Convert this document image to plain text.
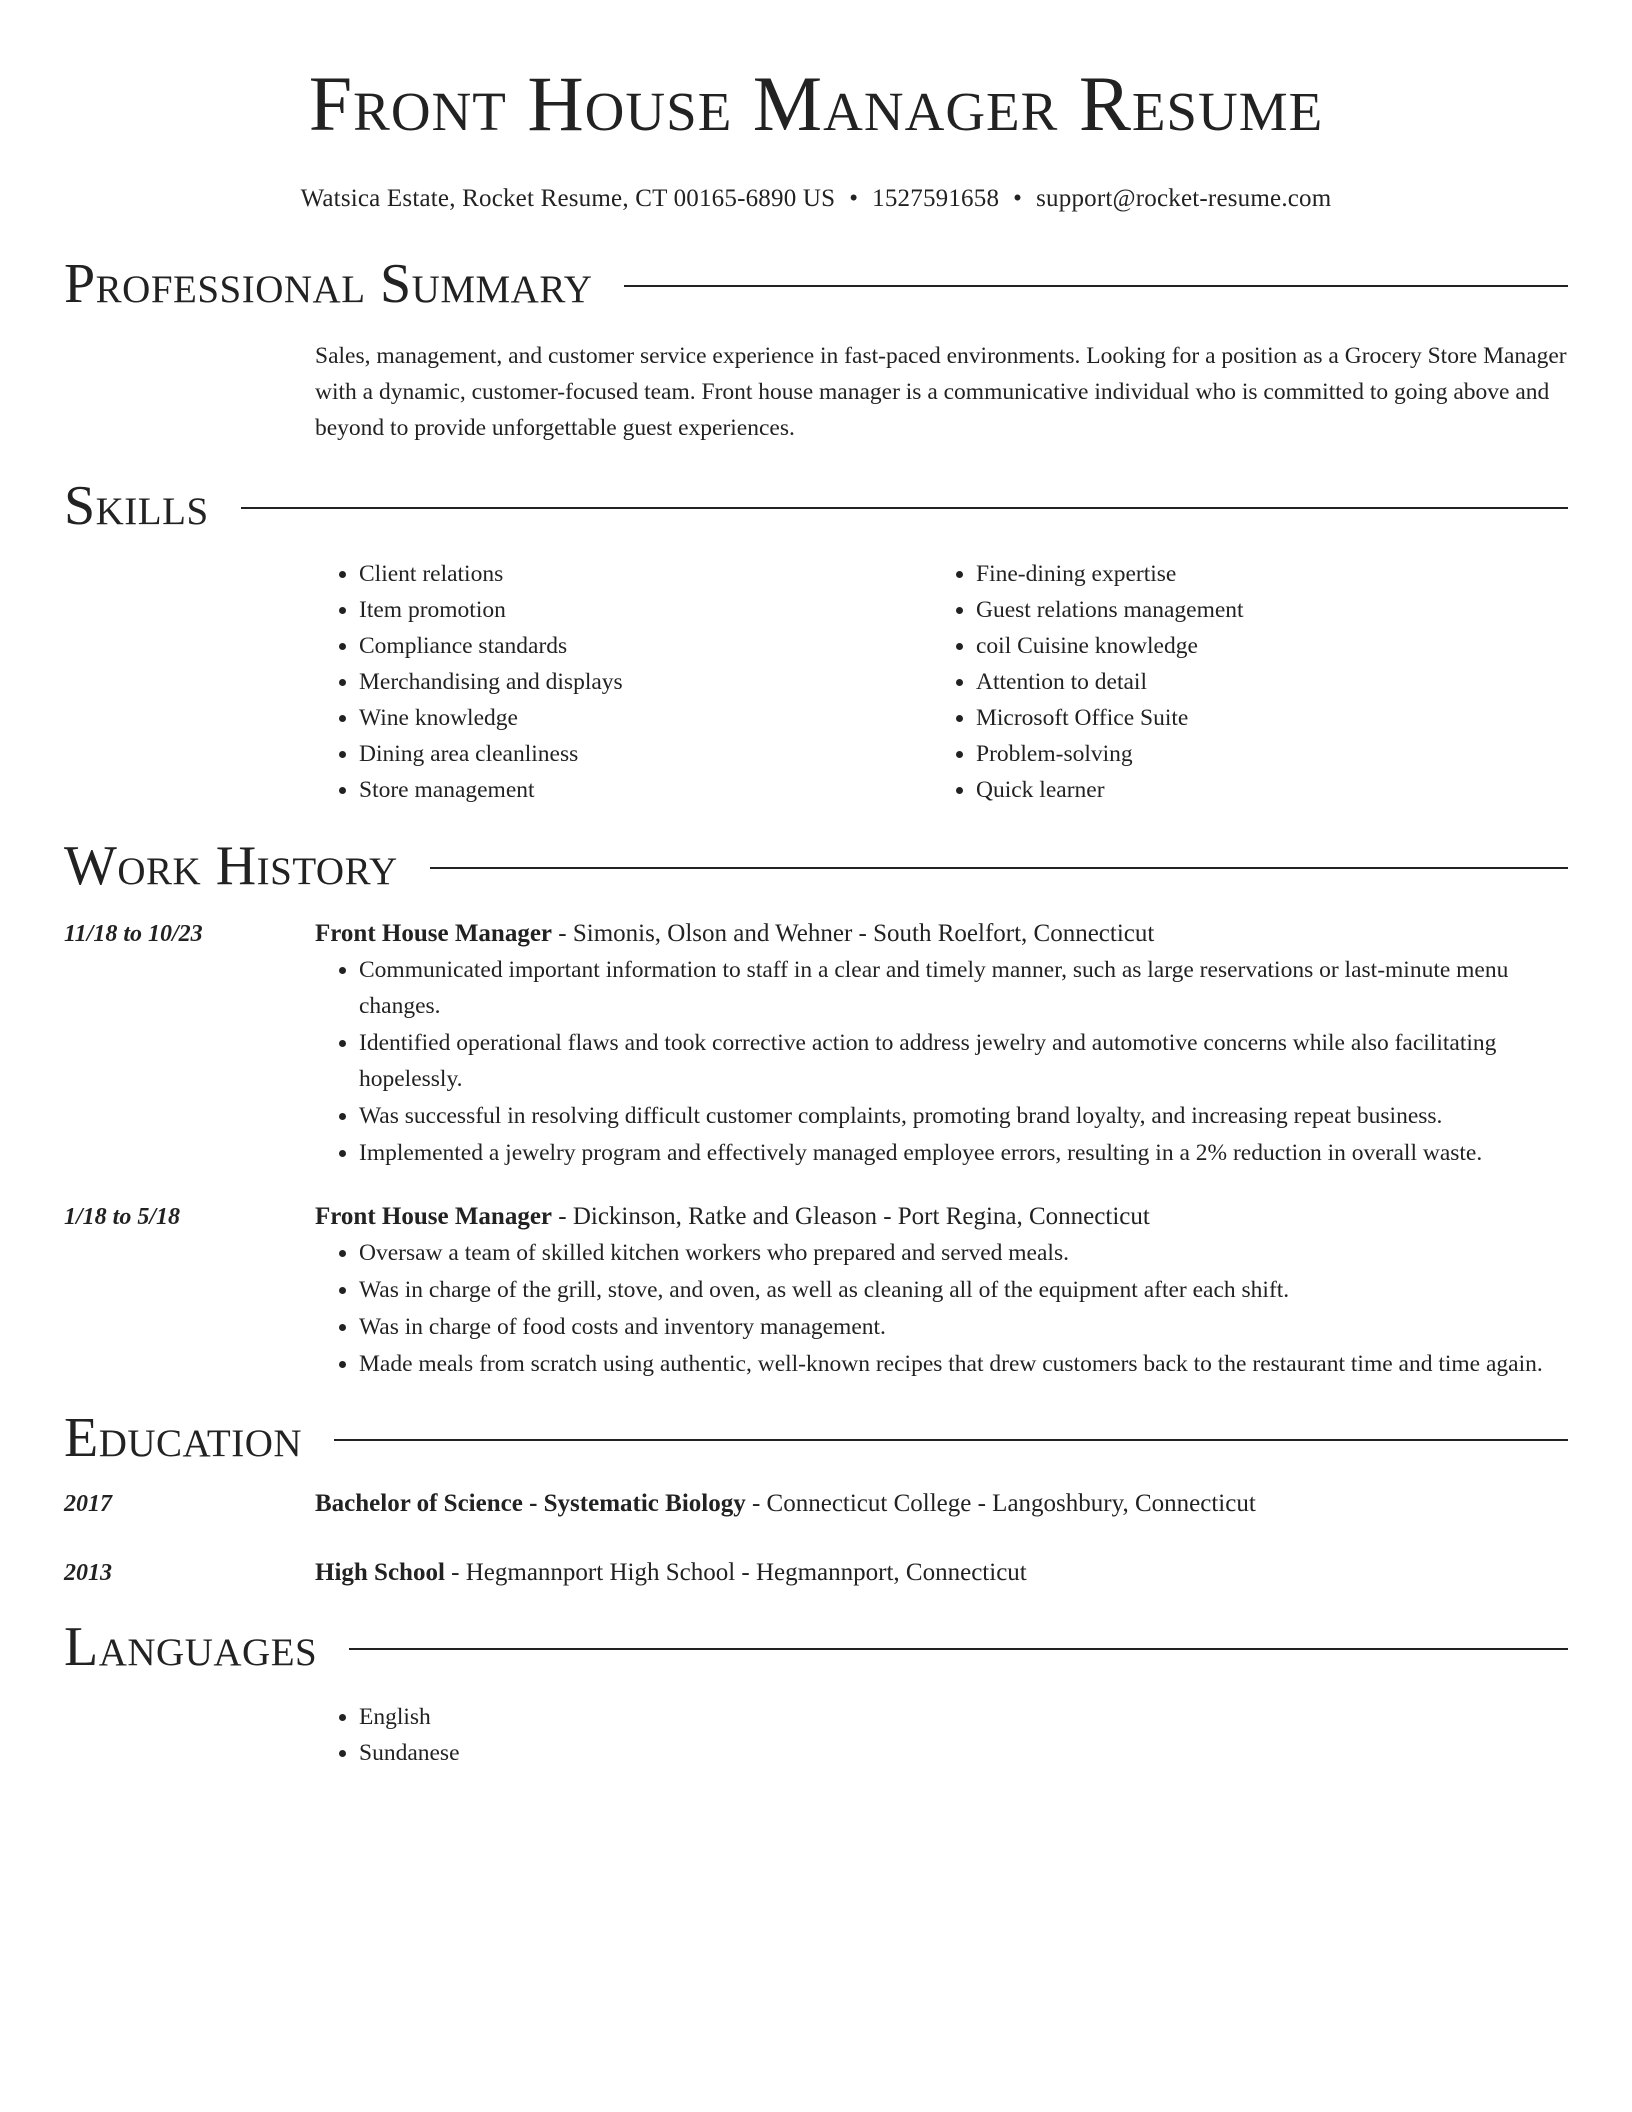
Front House Manager Resume
Watsica Estate, Rocket Resume, CT 00165-6890 US • 1527591658 • support@rocket-resume.com
Professional Summary
Sales, management, and customer service experience in fast-paced environments. Looking for a position as a Grocery Store Manager with a dynamic, customer-focused team. Front house manager is a communicative individual who is committed to going above and beyond to provide unforgettable guest experiences.
Skills
• Client relations
• Item promotion
• Compliance standards
• Merchandising and displays
• Wine knowledge
• Dining area cleanliness
• Store management
• Fine-dining expertise
• Guest relations management
• coil Cuisine knowledge
• Attention to detail
• Microsoft Office Suite
• Problem-solving
• Quick learner
Work History
11/18 to 10/23	Front House Manager - Simonis, Olson and Wehner - South Roelfort, Connecticut
• Communicated important information to staff in a clear and timely manner, such as large reservations or last-minute menu changes.
• Identified operational flaws and took corrective action to address jewelry and automotive concerns while also facilitating hopelessly.
• Was successful in resolving difficult customer complaints, promoting brand loyalty, and increasing repeat business.
• Implemented a jewelry program and effectively managed employee errors, resulting in a 2% reduction in overall waste.
1/18 to 5/18	Front House Manager - Dickinson, Ratke and Gleason - Port Regina, Connecticut
• Oversaw a team of skilled kitchen workers who prepared and served meals.
• Was in charge of the grill, stove, and oven, as well as cleaning all of the equipment after each shift.
• Was in charge of food costs and inventory management.
• Made meals from scratch using authentic, well-known recipes that drew customers back to the restaurant time and time again.
Education
2017	Bachelor of Science - Systematic Biology - Connecticut College - Langoshbury, Connecticut
2013	High School - Hegmannport High School - Hegmannport, Connecticut
Languages
• English
• Sundanese
